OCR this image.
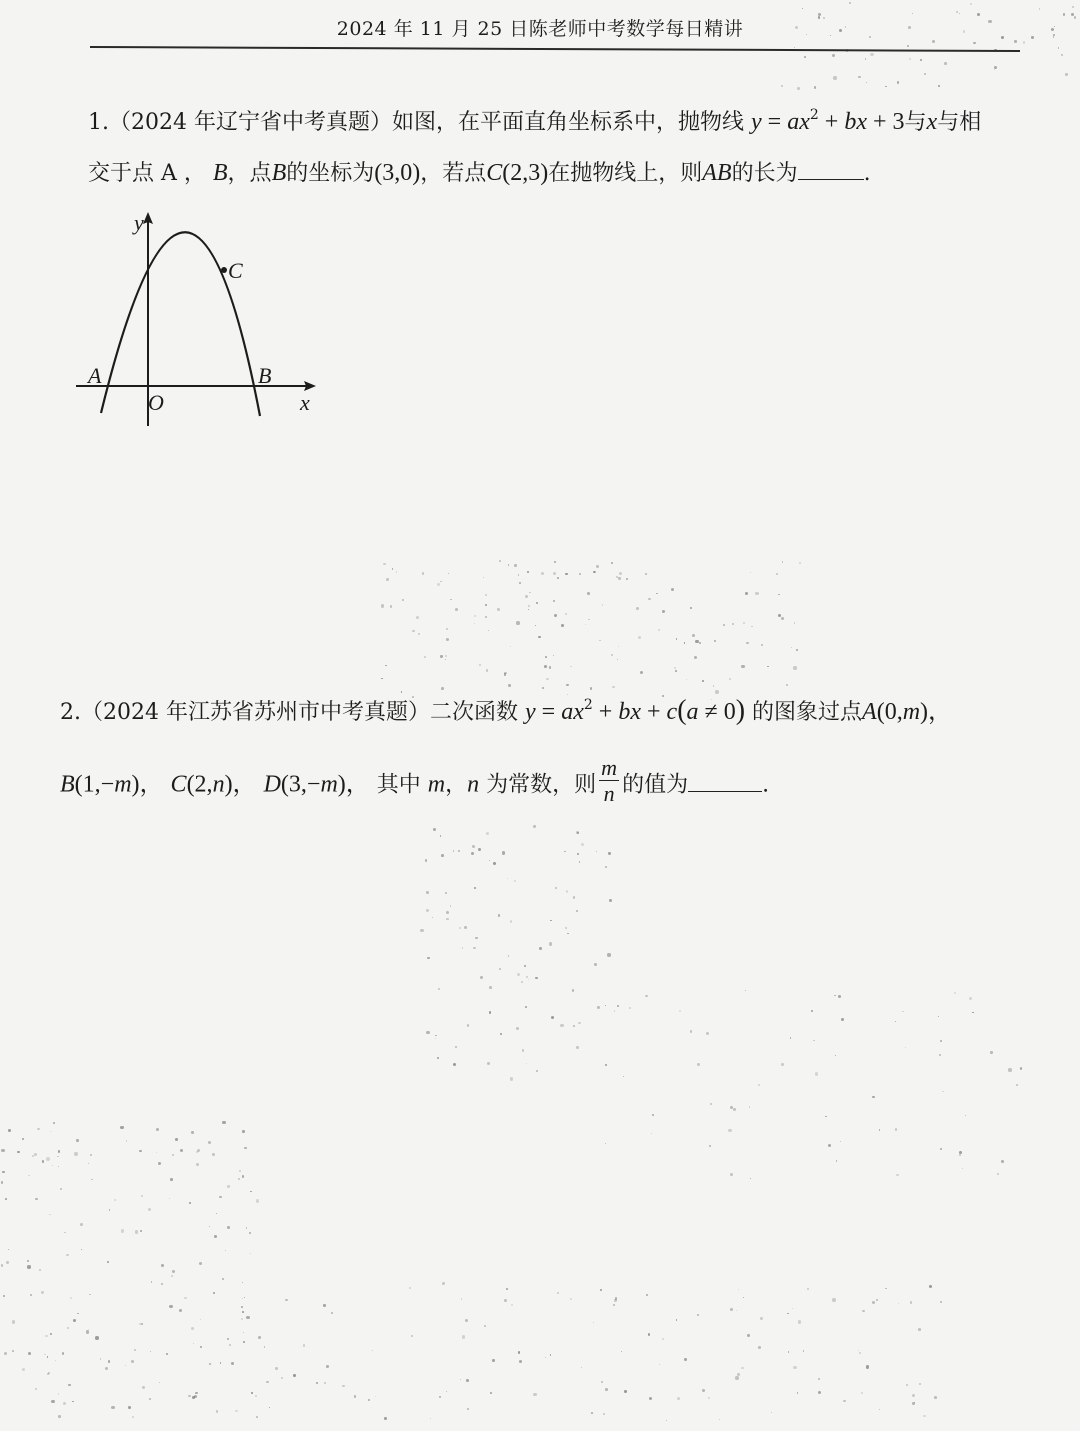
2024 年 11 月 25 日陈老师中考数学每日精讲
1.（2024 年辽宁省中考真题）如图，在平面直角坐标系中，抛物线 $y = ax^2$ + bx + 3与x与相
交于点 A ， B，点B的坐标为(3,0)，若点C(2,3)在抛物线上，则AB的长为	.
y
x
O
A	B
C
2.（2024 年江苏省苏州市中考真题）二次函数 $y = ax^2$ + bx + c(a ≠ 0) 的图象过点A(0,m)，
B(1,−m)， C(2,n)， D(3,−m)， 其中 m，n 为常数，则 $\frac{m}{n}$ 的值为	.
